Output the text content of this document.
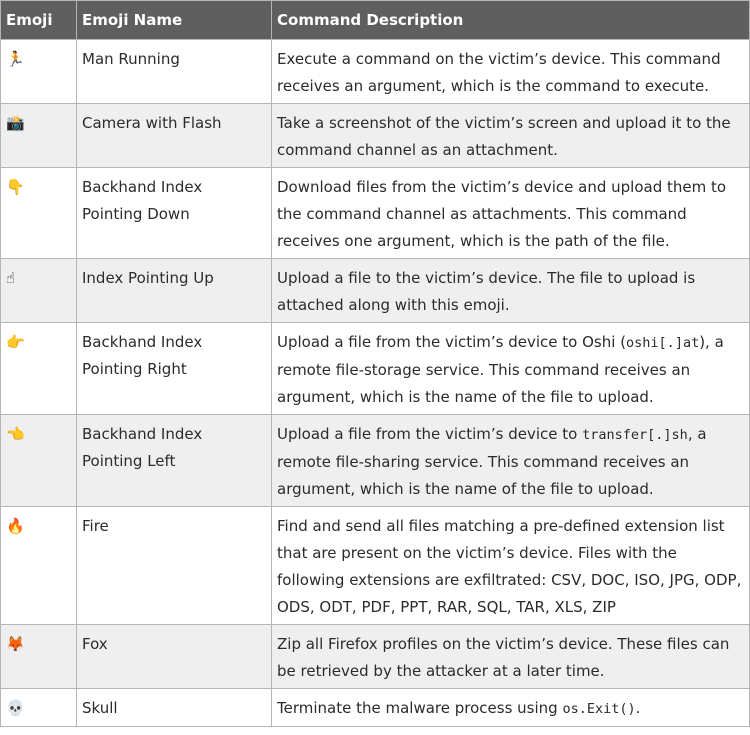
Emoji	Emoji Name	Command Description
🏃	Man Running	Execute a command on the victim’s device. This command receives an argument, which is the command to execute.
📸	Camera with Flash	Take a screenshot of the victim’s screen and upload it to the command channel as an attachment.
👇	Backhand Index Pointing Down	Download files from the victim’s device and upload them to the command channel as attachments. This command receives one argument, which is the path of the file.
☝	Index Pointing Up	Upload a file to the victim’s device. The file to upload is attached along with this emoji.
👉	Backhand Index Pointing Right	Upload a file from the victim’s device to Oshi (oshi[.]at), a remote file-storage service. This command receives an argument, which is the name of the file to upload.
👈	Backhand Index Pointing Left	Upload a file from the victim’s device to transfer[.]sh, a remote file-sharing service. This command receives an argument, which is the name of the file to upload.
🔥	Fire	Find and send all files matching a pre-defined extension list that are present on the victim’s device. Files with the following extensions are exfiltrated: CSV, DOC, ISO, JPG, ODP, ODS, ODT, PDF, PPT, RAR, SQL, TAR, XLS, ZIP
🦊	Fox	Zip all Firefox profiles on the victim’s device. These files can be retrieved by the attacker at a later time.
💀	Skull	Terminate the malware process using os.Exit().
